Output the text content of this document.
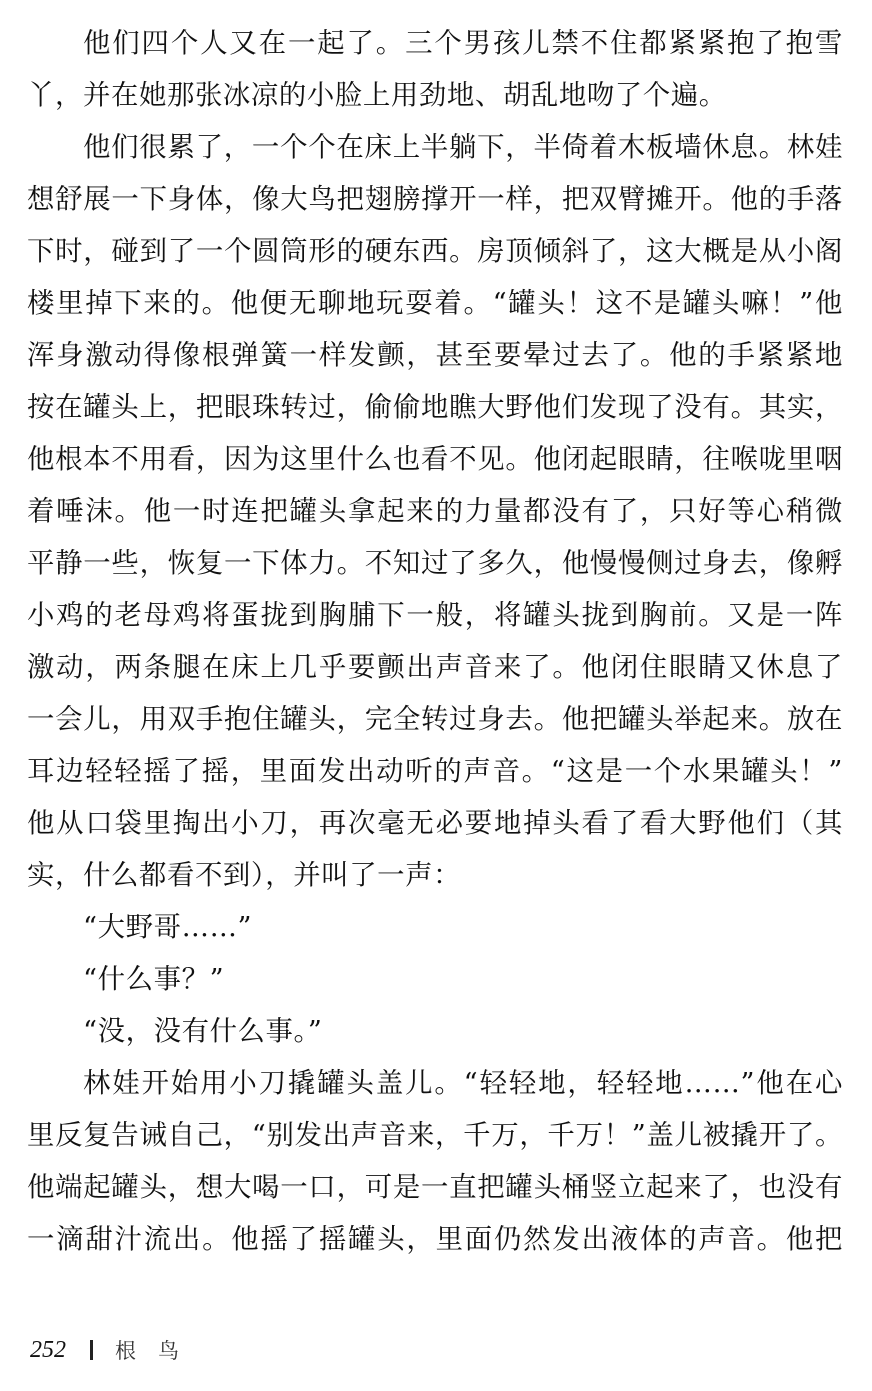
他们四个人又在一起了。三个男孩儿禁不住都紧紧抱了抱雪
丫，并在她那张冰凉的小脸上用劲地、胡乱地吻了个遍。
他们很累了，一个个在床上半躺下，半倚着木板墙休息。林娃
想舒展一下身体，像大鸟把翅膀撑开一样，把双臂摊开。他的手落
下时，碰到了一个圆筒形的硬东西。房顶倾斜了，这大概是从小阁
楼里掉下来的。他便无聊地玩耍着。“罐头！这不是罐头嘛！”他
浑身激动得像根弹簧一样发颤，甚至要晕过去了。他的手紧紧地
按在罐头上，把眼珠转过，偷偷地瞧大野他们发现了没有。其实，
他根本不用看，因为这里什么也看不见。他闭起眼睛，往喉咙里咽
着唾沫。他一时连把罐头拿起来的力量都没有了，只好等心稍微
平静一些，恢复一下体力。不知过了多久，他慢慢侧过身去，像孵
小鸡的老母鸡将蛋拢到胸脯下一般，将罐头拢到胸前。又是一阵
激动，两条腿在床上几乎要颤出声音来了。他闭住眼睛又休息了
一会儿，用双手抱住罐头，完全转过身去。他把罐头举起来。放在
耳边轻轻摇了摇，里面发出动听的声音。“这是一个水果罐头！”
他从口袋里掏出小刀，再次毫无必要地掉头看了看大野他们（其
实，什么都看不到），并叫了一声：
“大野哥……”
“什么事？”
“没，没有什么事。”
林娃开始用小刀撬罐头盖儿。“轻轻地，轻轻地……”他在心
里反复告诫自己，“别发出声音来，千万，千万！”盖儿被撬开了。
他端起罐头，想大喝一口，可是一直把罐头桶竖立起来了，也没有
一滴甜汁流出。他摇了摇罐头，里面仍然发出液体的声音。他把
252 根鸟
